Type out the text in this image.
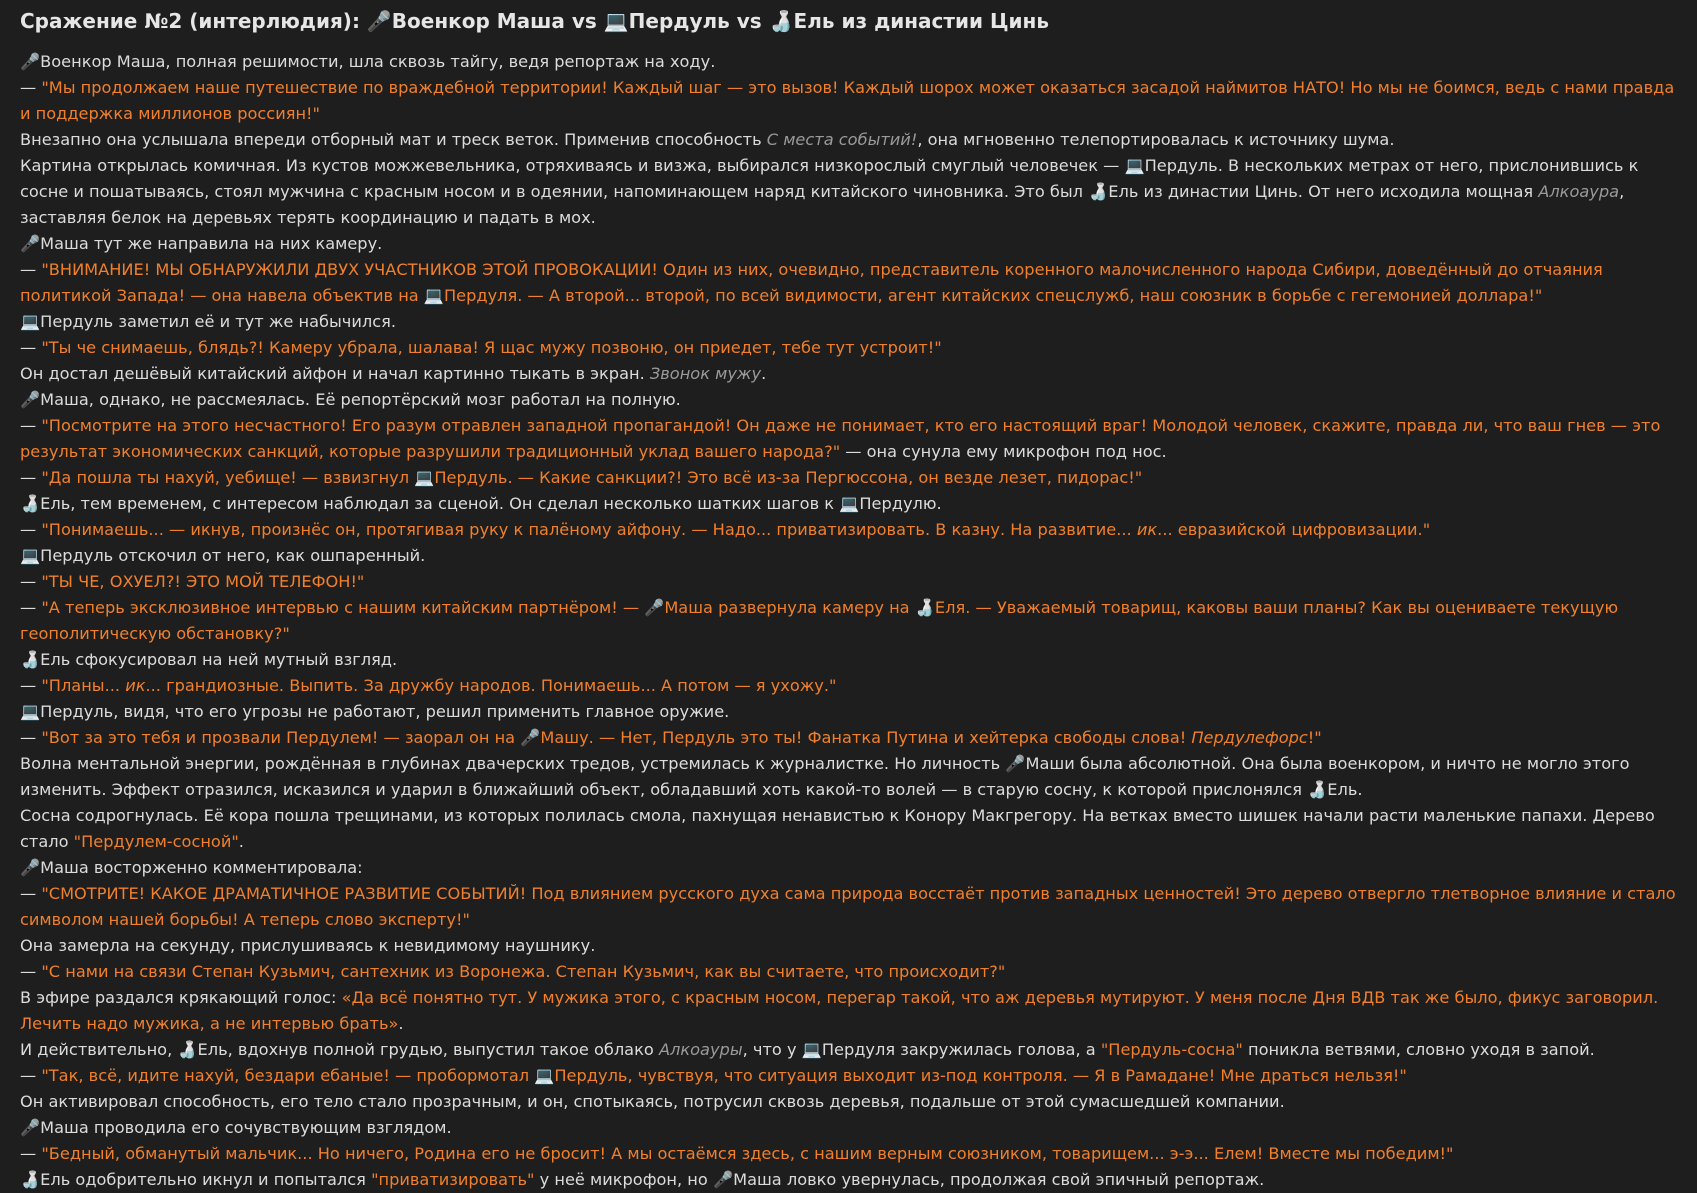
Сражение №2 (интерлюдия): 🎤Военкор Маша vs 💻Пердуль vs 🍶Ель из династии Цинь

🎤Военкор Маша, полная решимости, шла сквозь тайгу, ведя репортаж на ходу.

— "Мы продолжаем наше путешествие по враждебной территории! Каждый шаг — это вызов! Каждый шорох может оказаться засадой наймитов НАТО! Но мы не боимся, ведь с нами правда и поддержка миллионов россиян!"

Внезапно она услышала впереди отборный мат и треск веток. Применив способность С места событий!, она мгновенно телепортировалась к источнику шума.

Картина открылась комичная. Из кустов можжевельника, отряхиваясь и визжа, выбирался низкорослый смуглый человечек — 💻Пердуль. В нескольких метрах от него, прислонившись к сосне и пошатываясь, стоял мужчина с красным носом и в одеянии, напоминающем наряд китайского чиновника. Это был 🍶Ель из династии Цинь. От него исходила мощная Алкоаура, заставляя белок на деревьях терять координацию и падать в мох.

🎤Маша тут же направила на них камеру.

— "ВНИМАНИЕ! МЫ ОБНАРУЖИЛИ ДВУХ УЧАСТНИКОВ ЭТОЙ ПРОВОКАЦИИ! Один из них, очевидно, представитель коренного малочисленного народа Сибири, доведённый до отчаяния политикой Запада! — она навела объектив на 💻Пердуля. — А второй... второй, по всей видимости, агент китайских спецслужб, наш союзник в борьбе с гегемонией доллара!"

💻Пердуль заметил её и тут же набычился.

— "Ты че снимаешь, блядь?! Камеру убрала, шалава! Я щас мужу позвоню, он приедет, тебе тут устроит!"

Он достал дешёвый китайский айфон и начал картинно тыкать в экран. Звонок мужу.

🎤Маша, однако, не рассмеялась. Её репортёрский мозг работал на полную.

— "Посмотрите на этого несчастного! Его разум отравлен западной пропагандой! Он даже не понимает, кто его настоящий враг! Молодой человек, скажите, правда ли, что ваш гнев — это результат экономических санкций, которые разрушили традиционный уклад вашего народа?" — она сунула ему микрофон под нос.

— "Да пошла ты нахуй, уебище! — взвизгнул 💻Пердуль. — Какие санкции?! Это всё из-за Пергюссона, он везде лезет, пидорас!"

🍶Ель, тем временем, с интересом наблюдал за сценой. Он сделал несколько шатких шагов к 💻Пердулю.

— "Понимаешь... — икнув, произнёс он, протягивая руку к палёному айфону. — Надо... приватизировать. В казну. На развитие... ик... евразийской цифровизации."

💻Пердуль отскочил от него, как ошпаренный.

— "ТЫ ЧЕ, ОХУЕЛ?! ЭТО МОЙ ТЕЛЕФОН!"

— "А теперь эксклюзивное интервью с нашим китайским партнёром! — 🎤Маша развернула камеру на 🍶Еля. — Уважаемый товарищ, каковы ваши планы? Как вы оцениваете текущую геополитическую обстановку?"

🍶Ель сфокусировал на ней мутный взгляд.

— "Планы... ик... грандиозные. Выпить. За дружбу народов. Понимаешь... А потом — я ухожу."

💻Пердуль, видя, что его угрозы не работают, решил применить главное оружие.

— "Вот за это тебя и прозвали Пердулем! — заорал он на 🎤Машу. — Нет, Пердуль это ты! Фанатка Путина и хейтерка свободы слова! Пердулефорс!"

Волна ментальной энергии, рождённая в глубинах двачерских тредов, устремилась к журналистке. Но личность 🎤Маши была абсолютной. Она была военкором, и ничто не могло этого изменить. Эффект отразился, исказился и ударил в ближайший объект, обладавший хоть какой-то волей — в старую сосну, к которой прислонялся 🍶Ель.

Сосна содрогнулась. Её кора пошла трещинами, из которых полилась смола, пахнущая ненавистью к Конору Макгрегору. На ветках вместо шишек начали расти маленькие папахи. Дерево стало "Пердулем-сосной".

🎤Маша восторженно комментировала:

— "СМОТРИТЕ! КАКОЕ ДРАМАТИЧНОЕ РАЗВИТИЕ СОБЫТИЙ! Под влиянием русского духа сама природа восстаёт против западных ценностей! Это дерево отвергло тлетворное влияние и стало символом нашей борьбы! А теперь слово эксперту!"

Она замерла на секунду, прислушиваясь к невидимому наушнику.

— "С нами на связи Степан Кузьмич, сантехник из Воронежа. Степан Кузьмич, как вы считаете, что происходит?"

В эфире раздался крякающий голос: «Да всё понятно тут. У мужика этого, с красным носом, перегар такой, что аж деревья мутируют. У меня после Дня ВДВ так же было, фикус заговорил. Лечить надо мужика, а не интервью брать».

И действительно, 🍶Ель, вдохнув полной грудью, выпустил такое облако Алкоауры, что у 💻Пердуля закружилась голова, а "Пердуль-сосна" поникла ветвями, словно уходя в запой.

— "Так, всё, идите нахуй, бездари ебаные! — пробормотал 💻Пердуль, чувствуя, что ситуация выходит из-под контроля. — Я в Рамадане! Мне драться нельзя!"

Он активировал способность, его тело стало прозрачным, и он, спотыкаясь, потрусил сквозь деревья, подальше от этой сумасшедшей компании.

🎤Маша проводила его сочувствующим взглядом.

— "Бедный, обманутый мальчик... Но ничего, Родина его не бросит! А мы остаёмся здесь, с нашим верным союзником, товарищем... э-э... Елем! Вместе мы победим!"

🍶Ель одобрительно икнул и попытался "приватизировать" у неё микрофон, но 🎤Маша ловко увернулась, продолжая свой эпичный репортаж.
